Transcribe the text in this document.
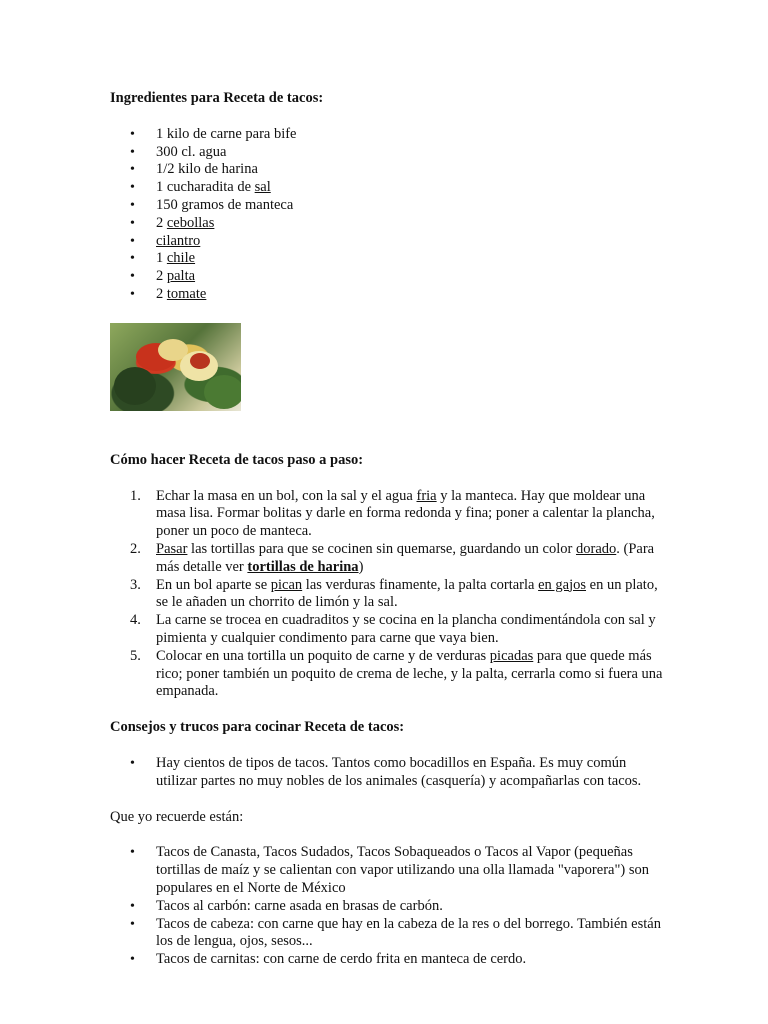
Ingredientes para Receta de tacos:
• 1 kilo de carne para bife
• 300 cl. agua
• 1/2 kilo de harina
• 1 cucharadita de sal
• 150 gramos de manteca
• 2 cebollas
• cilantro
• 1 chile
• 2 palta
• 2 tomate
Cómo hacer Receta de tacos paso a paso:
1. Echar la masa en un bol, con la sal y el agua fria y la manteca. Hay que moldear una masa lisa. Formar bolitas y darle en forma redonda y fina; poner a calentar la plancha, poner un poco de manteca.
2. Pasar las tortillas para que se cocinen sin quemarse, guardando un color dorado. (Para más detalle ver tortillas de harina)
3. En un bol aparte se pican las verduras finamente, la palta cortarla en gajos en un plato, se le añaden un chorrito de limón y la sal.
4. La carne se trocea en cuadraditos y se cocina en la plancha condimentándola con sal y pimienta y cualquier condimento para carne que vaya bien.
5. Colocar en una tortilla un poquito de carne y de verduras picadas para que quede más rico; poner también un poquito de crema de leche, y la palta, cerrarla como si fuera una empanada.
Consejos y trucos para cocinar Receta de tacos:
• Hay cientos de tipos de tacos. Tantos como bocadillos en España. Es muy común utilizar partes no muy nobles de los animales (casquería) y acompañarlas con tacos.

Que yo recuerde están:

• Tacos de Canasta, Tacos Sudados, Tacos Sobaqueados o Tacos al Vapor (pequeñas tortillas de maíz y se calientan con vapor utilizando una olla llamada "vaporera") son populares en el Norte de México
• Tacos al carbón: carne asada en brasas de carbón.
• Tacos de cabeza: con carne que hay en la cabeza de la res o del borrego. También están los de lengua, ojos, sesos...
• Tacos de carnitas: con carne de cerdo frita en manteca de cerdo.
